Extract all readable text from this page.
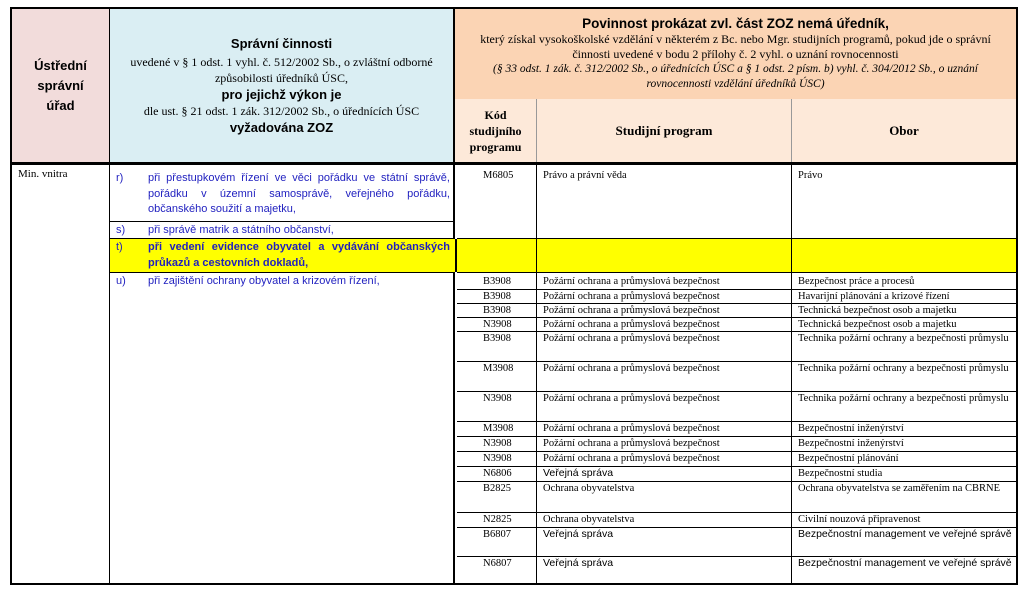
Ústřední správní úřad
Správní činnosti
uvedené v § 1 odst. 1 vyhl. č. 512/2002 Sb., o zvláštní odborné způsobilosti úředníků ÚSC,
pro jejichž výkon je
dle ust. § 21 odst. 1 zák. 312/2002 Sb., o úřednících ÚSC
vyžadována ZOZ
Povinnost prokázat zvl. část ZOZ nemá úředník,
který získal vysokoškolské vzdělání v některém z Bc. nebo Mgr. studijních programů, pokud jde o správní činnosti uvedené v bodu 2 přílohy č. 2 vyhl. o uznání rovnocennosti
(§ 33 odst. 1 zák. č. 312/2002 Sb., o úřednících ÚSC a § 1 odst. 2 písm. b) vyhl. č. 304/2012 Sb., o uznání rovnocennosti vzdělání úředníků ÚSC)
Kód studijního programu
Studijní program	Obor
Min. vnitra	r) při přestupkovém řízení ve věci pořádku ve státní správě, pořádku v územní samosprávě, veřejného pořádku, občanského soužití a majetku,
s) při správě matrik a státního občanství,
t) při vedení evidence obyvatel a vydávání občanských průkazů a cestovních dokladů,
u) při zajištění ochrany obyvatel a krizovém řízení,
M6805	Právo a právní věda	Právo
B3908	Požární ochrana a průmyslová bezpečnost	Bezpečnost práce a procesů
B3908	Požární ochrana a průmyslová bezpečnost	Havarijní plánování a krizové řízení
B3908	Požární ochrana a průmyslová bezpečnost	Technická bezpečnost osob a majetku
N3908	Požární ochrana a průmyslová bezpečnost	Technická bezpečnost osob a majetku
B3908	Požární ochrana a průmyslová bezpečnost	Technika požární ochrany a bezpečnosti průmyslu
M3908	Požární ochrana a průmyslová bezpečnost	Technika požární ochrany a bezpečnosti průmyslu
N3908	Požární ochrana a průmyslová bezpečnost	Technika požární ochrany a bezpečnosti průmyslu
M3908	Požární ochrana a průmyslová bezpečnost	Bezpečnostní inženýrství
N3908	Požární ochrana a průmyslová bezpečnost	Bezpečnostní inženýrství
N3908	Požární ochrana a průmyslová bezpečnost	Bezpečnostní plánování
N6806	Veřejná správa	Bezpečnostní studia
B2825	Ochrana obyvatelstva	Ochrana obyvatelstva se zaměřením na CBRNE
N2825	Ochrana obyvatelstva	Civilní nouzová připravenost
B6807	Veřejná správa	Bezpečnostní management ve veřejné správě
N6807	Veřejná správa	Bezpečnostní management ve veřejné správě
